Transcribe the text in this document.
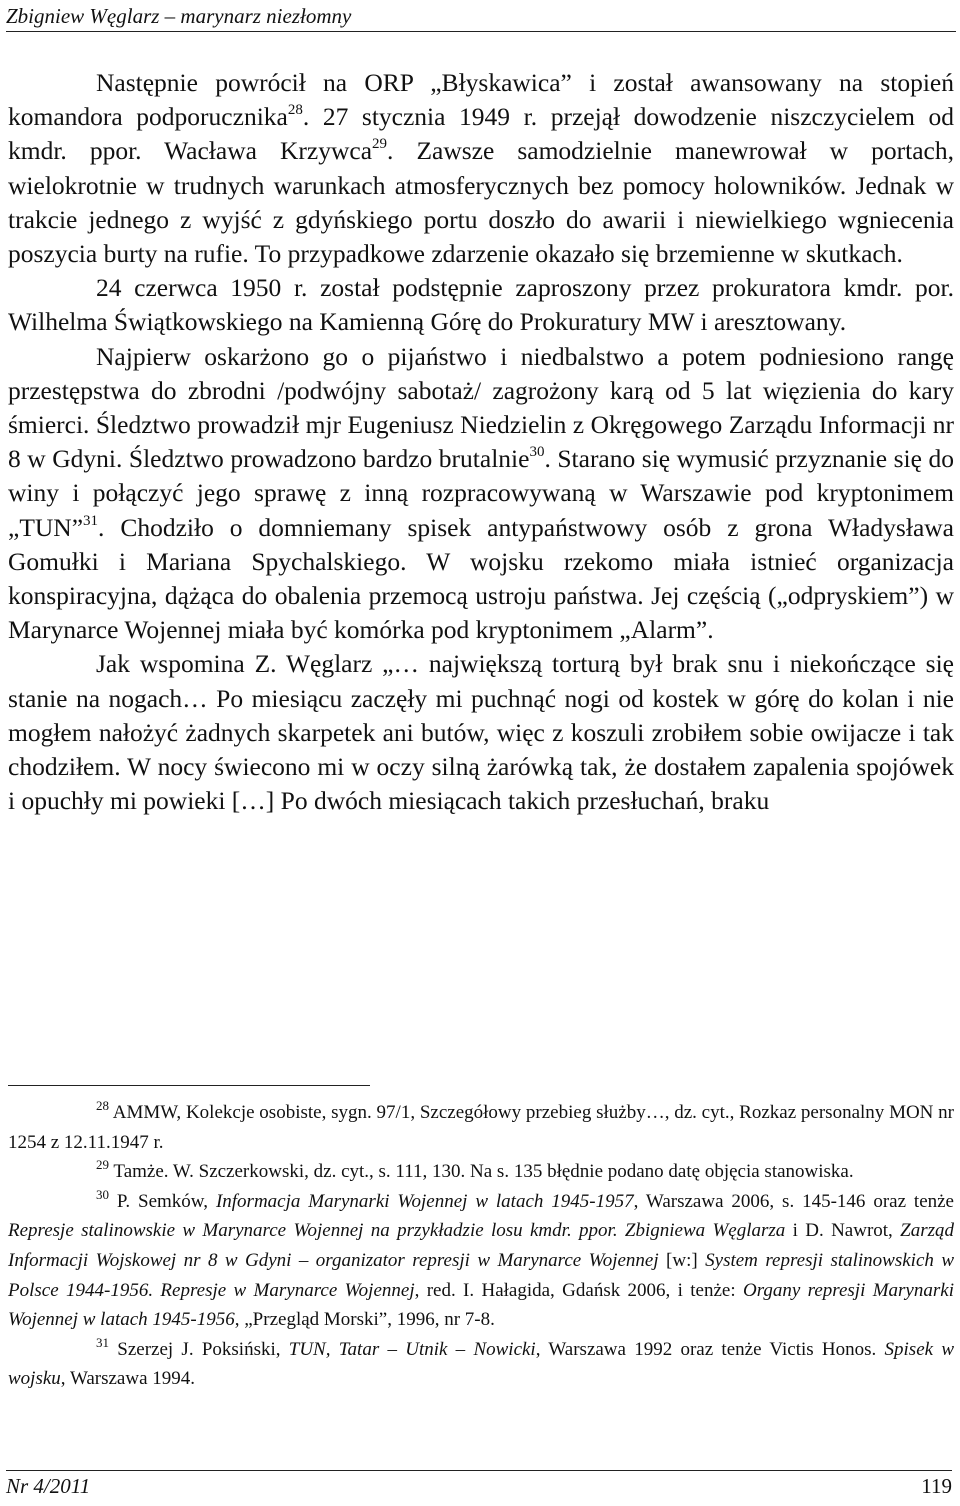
Zbigniew Węglarz – marynarz niezłomny

Następnie powrócił na ORP „Błyskawica” i został awansowany na stopień komandora podporucznika$^{28}$. 27 stycznia 1949 r. przejął dowodzenie niszczycielem od kmdr. ppor. Wacława Krzywca$^{29}$. Zawsze samodzielnie manewrował w portach, wielokrotnie w trudnych warunkach atmosferycznych bez pomocy holowników. Jednak w trakcie jednego z wyjść z gdyńskiego portu doszło do awarii i niewielkiego wgniecenia poszycia burty na rufie. To przypadkowe zdarzenie okazało się brzemienne w skutkach.

24 czerwca 1950 r. został podstępnie zaproszony przez prokuratora kmdr. por. Wilhelma Świątkowskiego na Kamienną Górę do Prokuratury MW i aresztowany.

Najpierw oskarżono go o pijaństwo i niedbalstwo a potem podniesiono rangę przestępstwa do zbrodni /podwójny sabotaż/ zagrożony karą od 5 lat więzienia do kary śmierci. Śledztwo prowadził mjr Eugeniusz Niedzielin z Okręgowego Zarządu Informacji nr 8 w Gdyni. Śledztwo prowadzono bardzo brutalnie$^{30}$. Starano się wymusić przyznanie się do winy i połączyć jego sprawę z inną rozpracowywaną w Warszawie pod kryptonimem „TUN”$^{31}$. Chodziło o domniemany spisek antypaństwowy osób z grona Władysława Gomułki i Mariana Spychalskiego. W wojsku rzekomo miała istnieć organizacja konspiracyjna, dążąca do obalenia przemocą ustroju państwa. Jej częścią („odpryskiem”) w Marynarce Wojennej miała być komórka pod kryptonimem „Alarm”.

Jak wspomina Z. Węglarz „… największą torturą był brak snu i niekończące się stanie na nogach… Po miesiącu zaczęły mi puchnąć nogi od kostek w górę do kolan i nie mogłem nałożyć żadnych skarpetek ani butów, więc z koszuli zrobiłem sobie owijacze i tak chodziłem. W nocy świecono mi w oczy silną żarówką tak, że dostałem zapalenia spojówek i opuchły mi powieki […] Po dwóch miesiącach takich przesłuchań, braku

$^{28}$ AMMW, Kolekcje osobiste, sygn. 97/1, Szczegółowy przebieg służby…, dz. cyt., Rozkaz personalny MON nr 1254 z 12.11.1947 r.

$^{29}$ Tamże. W. Szczerkowski, dz. cyt., s. 111, 130. Na s. 135 błędnie podano datę objęcia stanowiska.

$^{30}$ P. Semków, Informacja Marynarki Wojennej w latach 1945-1957, Warszawa 2006, s. 145-146 oraz tenże Represje stalinowskie w Marynarce Wojennej na przykładzie losu kmdr. ppor. Zbigniewa Węglarza i D. Nawrot, Zarząd Informacji Wojskowej nr 8 w Gdyni – organizator represji w Marynarce Wojennej [w:] System represji stalinowskich w Polsce 1944-1956. Represje w Marynarce Wojennej, red. I. Hałagida, Gdańsk 2006, i tenże: Organy represji Marynarki Wojennej w latach 1945-1956, „Przegląd Morski”, 1996, nr 7-8.

$^{31}$ Szerzej J. Poksiński, TUN, Tatar – Utnik – Nowicki, Warszawa 1992 oraz tenże Victis Honos. Spisek w wojsku, Warszawa 1994.

Nr 4/2011	119
